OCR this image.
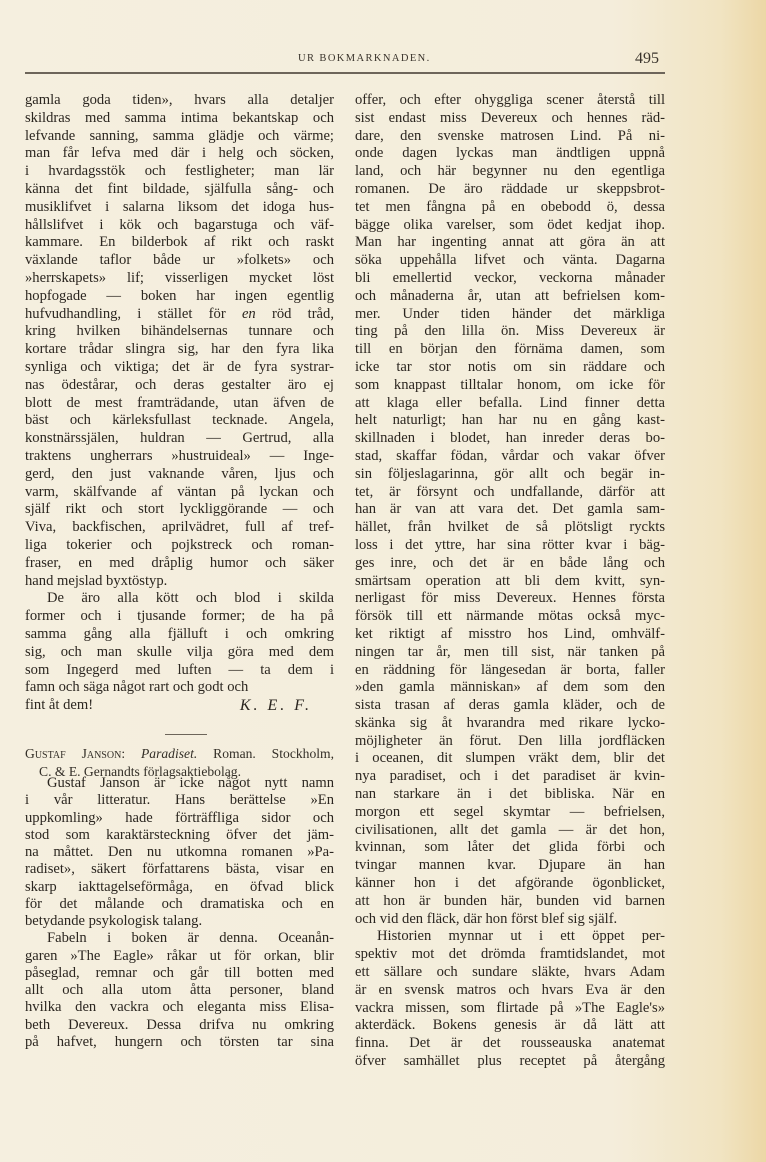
UR BOKMARKNADEN.	495
gamla goda tiden», hvars alla detaljer
skildras med samma intima bekantskap och
lefvande sanning, samma glädje och värme;
man får lefva med där i helg och söcken,
i hvardagsstök och festligheter; man lär
känna det fint bildade, själfulla sång- och
musiklifvet i salarna liksom det idoga hus-
hållslifvet i kök och bagarstuga och väf-
kammare. En bilderbok af rikt och raskt
växlande taflor både ur »folkets» och
»herrskapets» lif; visserligen mycket löst
hopfogade — boken har ingen egentlig
hufvudhandling, i stället för en röd tråd,
kring hvilken bihändelsernas tunnare och
kortare trådar slingra sig, har den fyra lika
synliga och viktiga; det är de fyra systrar-
nas ödestårar, och deras gestalter äro ej
blott de mest framträdande, utan äfven de
bäst och kärleksfullast tecknade. Angela,
konstnärssjälen, huldran — Gertrud, alla
traktens ungherrars »hustruideal» — Inge-
gerd, den just vaknande våren, ljus och
varm, skälfvande af väntan på lyckan och
själf rikt och stort lyckliggörande — och
Viva, backfischen, aprilvädret, full af tref-
liga tokerier och pojkstreck och roman-
fraser, en med dråplig humor och säker
hand mejslad byxtöstyp.
De äro alla kött och blod i skilda
former och i tjusande former; de ha på
samma gång alla fjälluft i och omkring
sig, och man skulle vilja göra med dem
som Ingegerd med luften — ta dem i
famn och säga något rart och godt och
fint åt dem!	K. E. F.
Gustaf Janson: Paradiset. Roman. Stockholm,
C. & E. Gernandts förlagsaktiebolag.
Gustaf Janson är icke något nytt namn
i vår litteratur. Hans berättelse »En
uppkomling» hade förträffliga sidor och
stod som karaktärsteckning öfver det jäm-
na måttet. Den nu utkomna romanen »Pa-
radiset», säkert författarens bästa, visar en
skarp iakttagelseförmåga, en öfvad blick
för det målande och dramatiska och en
betydande psykologisk talang.
Fabeln i boken är denna. Oceanån-
garen »The Eagle» råkar ut för orkan, blir
påseglad, remnar och går till botten med
allt och alla utom åtta personer, bland
hvilka den vackra och eleganta miss Elisa-
beth Devereux. Dessa drifva nu omkring
på hafvet, hungern och törsten tar sina
offer, och efter ohyggliga scener återstå till
sist endast miss Devereux och hennes räd-
dare, den svenske matrosen Lind. På ni-
onde dagen lyckas man ändtligen uppnå
land, och här begynner nu den egentliga
romanen. De äro räddade ur skeppsbrot-
tet men fångna på en obebodd ö, dessa
bägge olika varelser, som ödet kedjat ihop.
Man har ingenting annat att göra än att
söka uppehålla lifvet och vänta. Dagarna
bli emellertid veckor, veckorna månader
och månaderna år, utan att befrielsen kom-
mer. Under tiden händer det märkliga
ting på den lilla ön. Miss Devereux är
till en början den förnäma damen, som
icke tar stor notis om sin räddare och
som knappast tilltalar honom, om icke för
att klaga eller befalla. Lind finner detta
helt naturligt; han har nu en gång kast-
skillnaden i blodet, han inreder deras bo-
stad, skaffar födan, vårdar och vakar öfver
sin följeslagarinna, gör allt och begär in-
tet, är försynt och undfallande, därför att
han är van att vara det. Det gamla sam-
hället, från hvilket de så plötsligt ryckts
loss i det yttre, har sina rötter kvar i bäg-
ges inre, och det är en både lång och
smärtsam operation att bli dem kvitt, syn-
nerligast för miss Devereux. Hennes första
försök till ett närmande mötas också myc-
ket riktigt af misstro hos Lind, omhvälf-
ningen tar år, men till sist, när tanken på
en räddning för längesedan är borta, faller
»den gamla människan» af dem som den
sista trasan af deras gamla kläder, och de
skänka sig åt hvarandra med rikare lycko-
möjligheter än förut. Den lilla jordfläcken
i oceanen, dit slumpen vräkt dem, blir det
nya paradiset, och i det paradiset är kvin-
nan starkare än i det bibliska. När en
morgon ett segel skymtar — befrielsen,
civilisationen, allt det gamla — är det hon,
kvinnan, som låter det glida förbi och
tvingar mannen kvar. Djupare än han
känner hon i det afgörande ögonblicket,
att hon är bunden här, bunden vid barnen
och vid den fläck, där hon först blef sig själf.
Historien mynnar ut i ett öppet per-
spektiv mot det drömda framtidslandet, mot
ett sällare och sundare släkte, hvars Adam
är en svensk matros och hvars Eva är den
vackra missen, som flirtade på »The Eagle's»
akterdäck. Bokens genesis är då lätt att
finna. Det är det rousseauska anatemat
öfver samhället plus receptet på återgång
